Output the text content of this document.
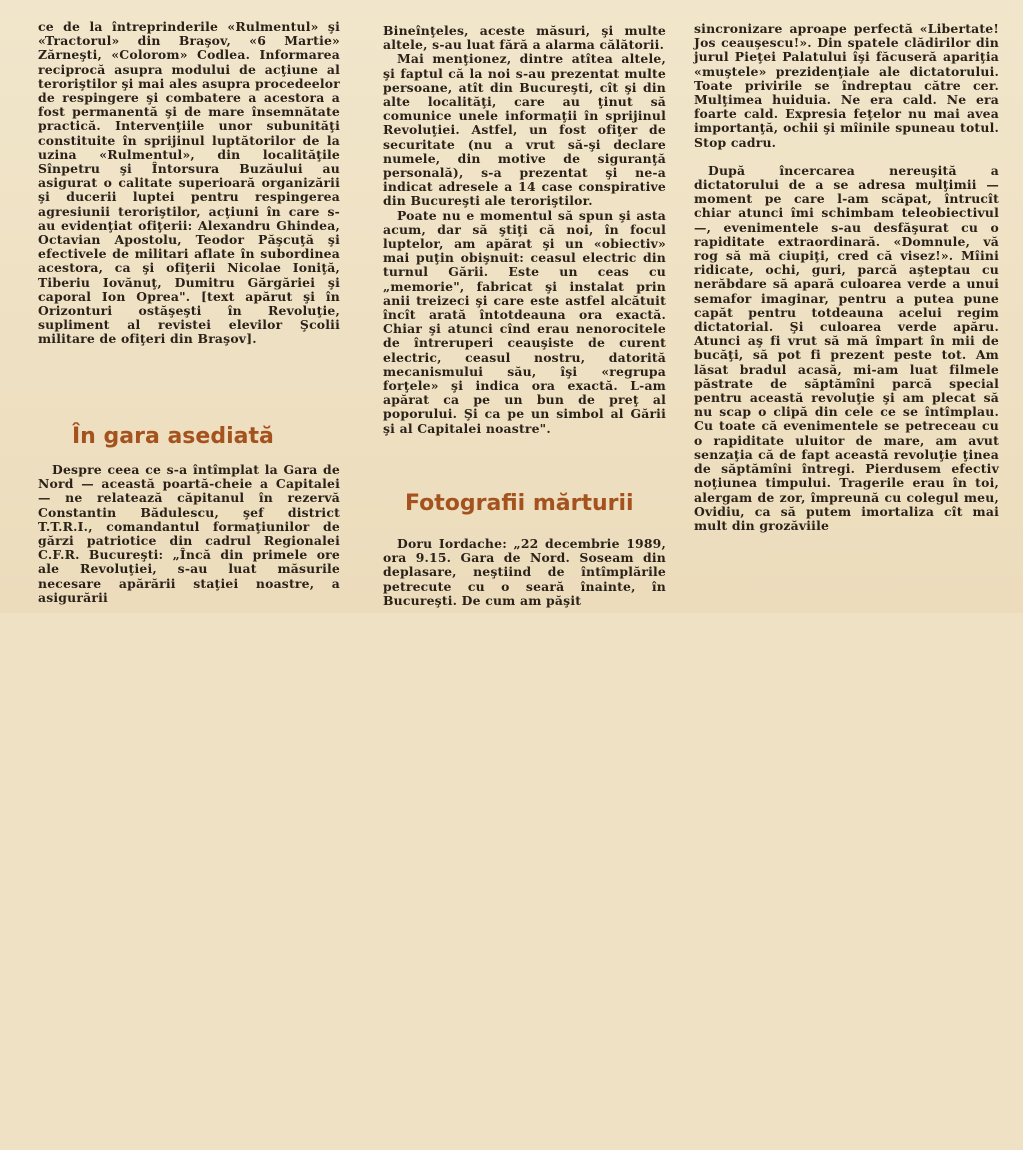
ce de la întreprinderile «Rulmentul» şi «Tractorul» din Braşov, «6 Martie» Zărneşti, «Colorom» Codlea. Informarea reciprocă asupra modului de acţiune al teroriştilor şi mai ales asupra procedeelor de respingere şi combatere a acestora a fost permanentă şi de mare însemnătate practică. Intervenţiile unor subunităţi constituite în sprijinul luptătorilor de la uzina «Rulmentul», din localităţile Sînpetru şi Întorsura Buzăului au asigurat o calitate superioară organizării şi ducerii luptei pentru respingerea agresiunii teroriştilor, acţiuni în care s-au evidenţiat ofiţerii: Alexandru Ghindea, Octavian Apostolu, Teodor Păşcuţă şi efectivele de militari aflate în subordinea acestora, ca şi ofiţerii Nicolae Ioniţă, Tiberiu Iovănuţ, Dumitru Gărgăriei şi caporal Ion Oprea". [text apărut şi în Orizonturi ostăşeşti în Revoluţie, supliment al revistei elevilor Şcolii militare de ofiţeri din Braşov].

În gara asediată

Despre ceea ce s-a întîmplat la Gara de Nord — această poartă-cheie a Capitalei — ne relatează căpitanul în rezervă Constantin Bădulescu, şef district T.T.R.I., comandantul formaţiunilor de gărzi patriotice din cadrul Regionalei C.F.R. Bucureşti: „Încă din primele ore ale Revoluţiei, s-au luat măsurile necesare apărării staţiei noastre, a asigurării

Bineînţeles, aceste măsuri, şi multe altele, s-au luat fără a alarma călătorii.

Mai menţionez, dintre atîtea altele, şi faptul că la noi s-au prezentat multe persoane, atît din Bucureşti, cît şi din alte localităţi, care au ţinut să comunice unele informaţii în sprijinul Revoluţiei. Astfel, un fost ofiţer de securitate (nu a vrut să-şi declare numele, din motive de siguranţă personală), s-a prezentat şi ne-a indicat adresele a 14 case conspirative din Bucureşti ale teroriştilor.

Poate nu e momentul să spun şi asta acum, dar să ştiţi că noi, în focul luptelor, am apărat şi un «obiectiv» mai puţin obişnuit: ceasul electric din turnul Gării. Este un ceas cu „memorie", fabricat şi instalat prin anii treizeci şi care este astfel alcătuit încît arată întotdeauna ora exactă. Chiar şi atunci cînd erau nenorocitele de întreruperi ceauşiste de curent electric, ceasul nostru, datorită mecanismului său, îşi «regrupa forţele» şi indica ora exactă. L-am apărat ca pe un bun de preţ al poporului. Şi ca pe un simbol al Gării şi al Capitalei noastre".

Fotografii mărturii

Doru Iordache: „22 decembrie 1989, ora 9.15. Gara de Nord. Soseam din deplasare, neştiind de întîmplările petrecute cu o seară înainte, în Bucureşti. De cum am păşit

sincronizare aproape perfectă «Libertate! Jos ceauşescu!». Din spatele clădirilor din jurul Pieţei Palatului îşi făcuseră apariţia «muştele» prezidenţiale ale dictatorului. Toate privirile se îndreptau către cer. Mulţimea huiduia. Ne era cald. Ne era foarte cald. Expresia feţelor nu mai avea importanţă, ochii şi mîinile spuneau totul. Stop cadru.

După încercarea nereuşită a dictatorului de a se adresa mulţimii — moment pe care l-am scăpat, întrucît chiar atunci îmi schimbam teleobiectivul —, evenimentele s-au desfăşurat cu o rapiditate extraordinară. «Domnule, vă rog să mă ciupiţi, cred că visez!». Mîini ridicate, ochi, guri, parcă aşteptau cu nerăbdare să apară culoarea verde a unui semafor imaginar, pentru a putea pune capăt pentru totdeauna acelui regim dictatorial. Şi culoarea verde apăru. Atunci aş fi vrut să mă împart în mii de bucăţi, să pot fi prezent peste tot. Am lăsat bradul acasă, mi-am luat filmele păstrate de săptămîni parcă special pentru această revoluţie şi am plecat să nu scap o clipă din cele ce se întîmplau. Cu toate că evenimentele se petreceau cu o rapiditate uluitor de mare, am avut senzaţia că de fapt această revoluţie ţinea de săptămîni întregi. Pierdusem efectiv noţiunea timpului. Tragerile erau în toi, alergam de zor, împreună cu colegul meu, Ovidiu, ca să putem imortaliza cît mai mult din grozăviile
